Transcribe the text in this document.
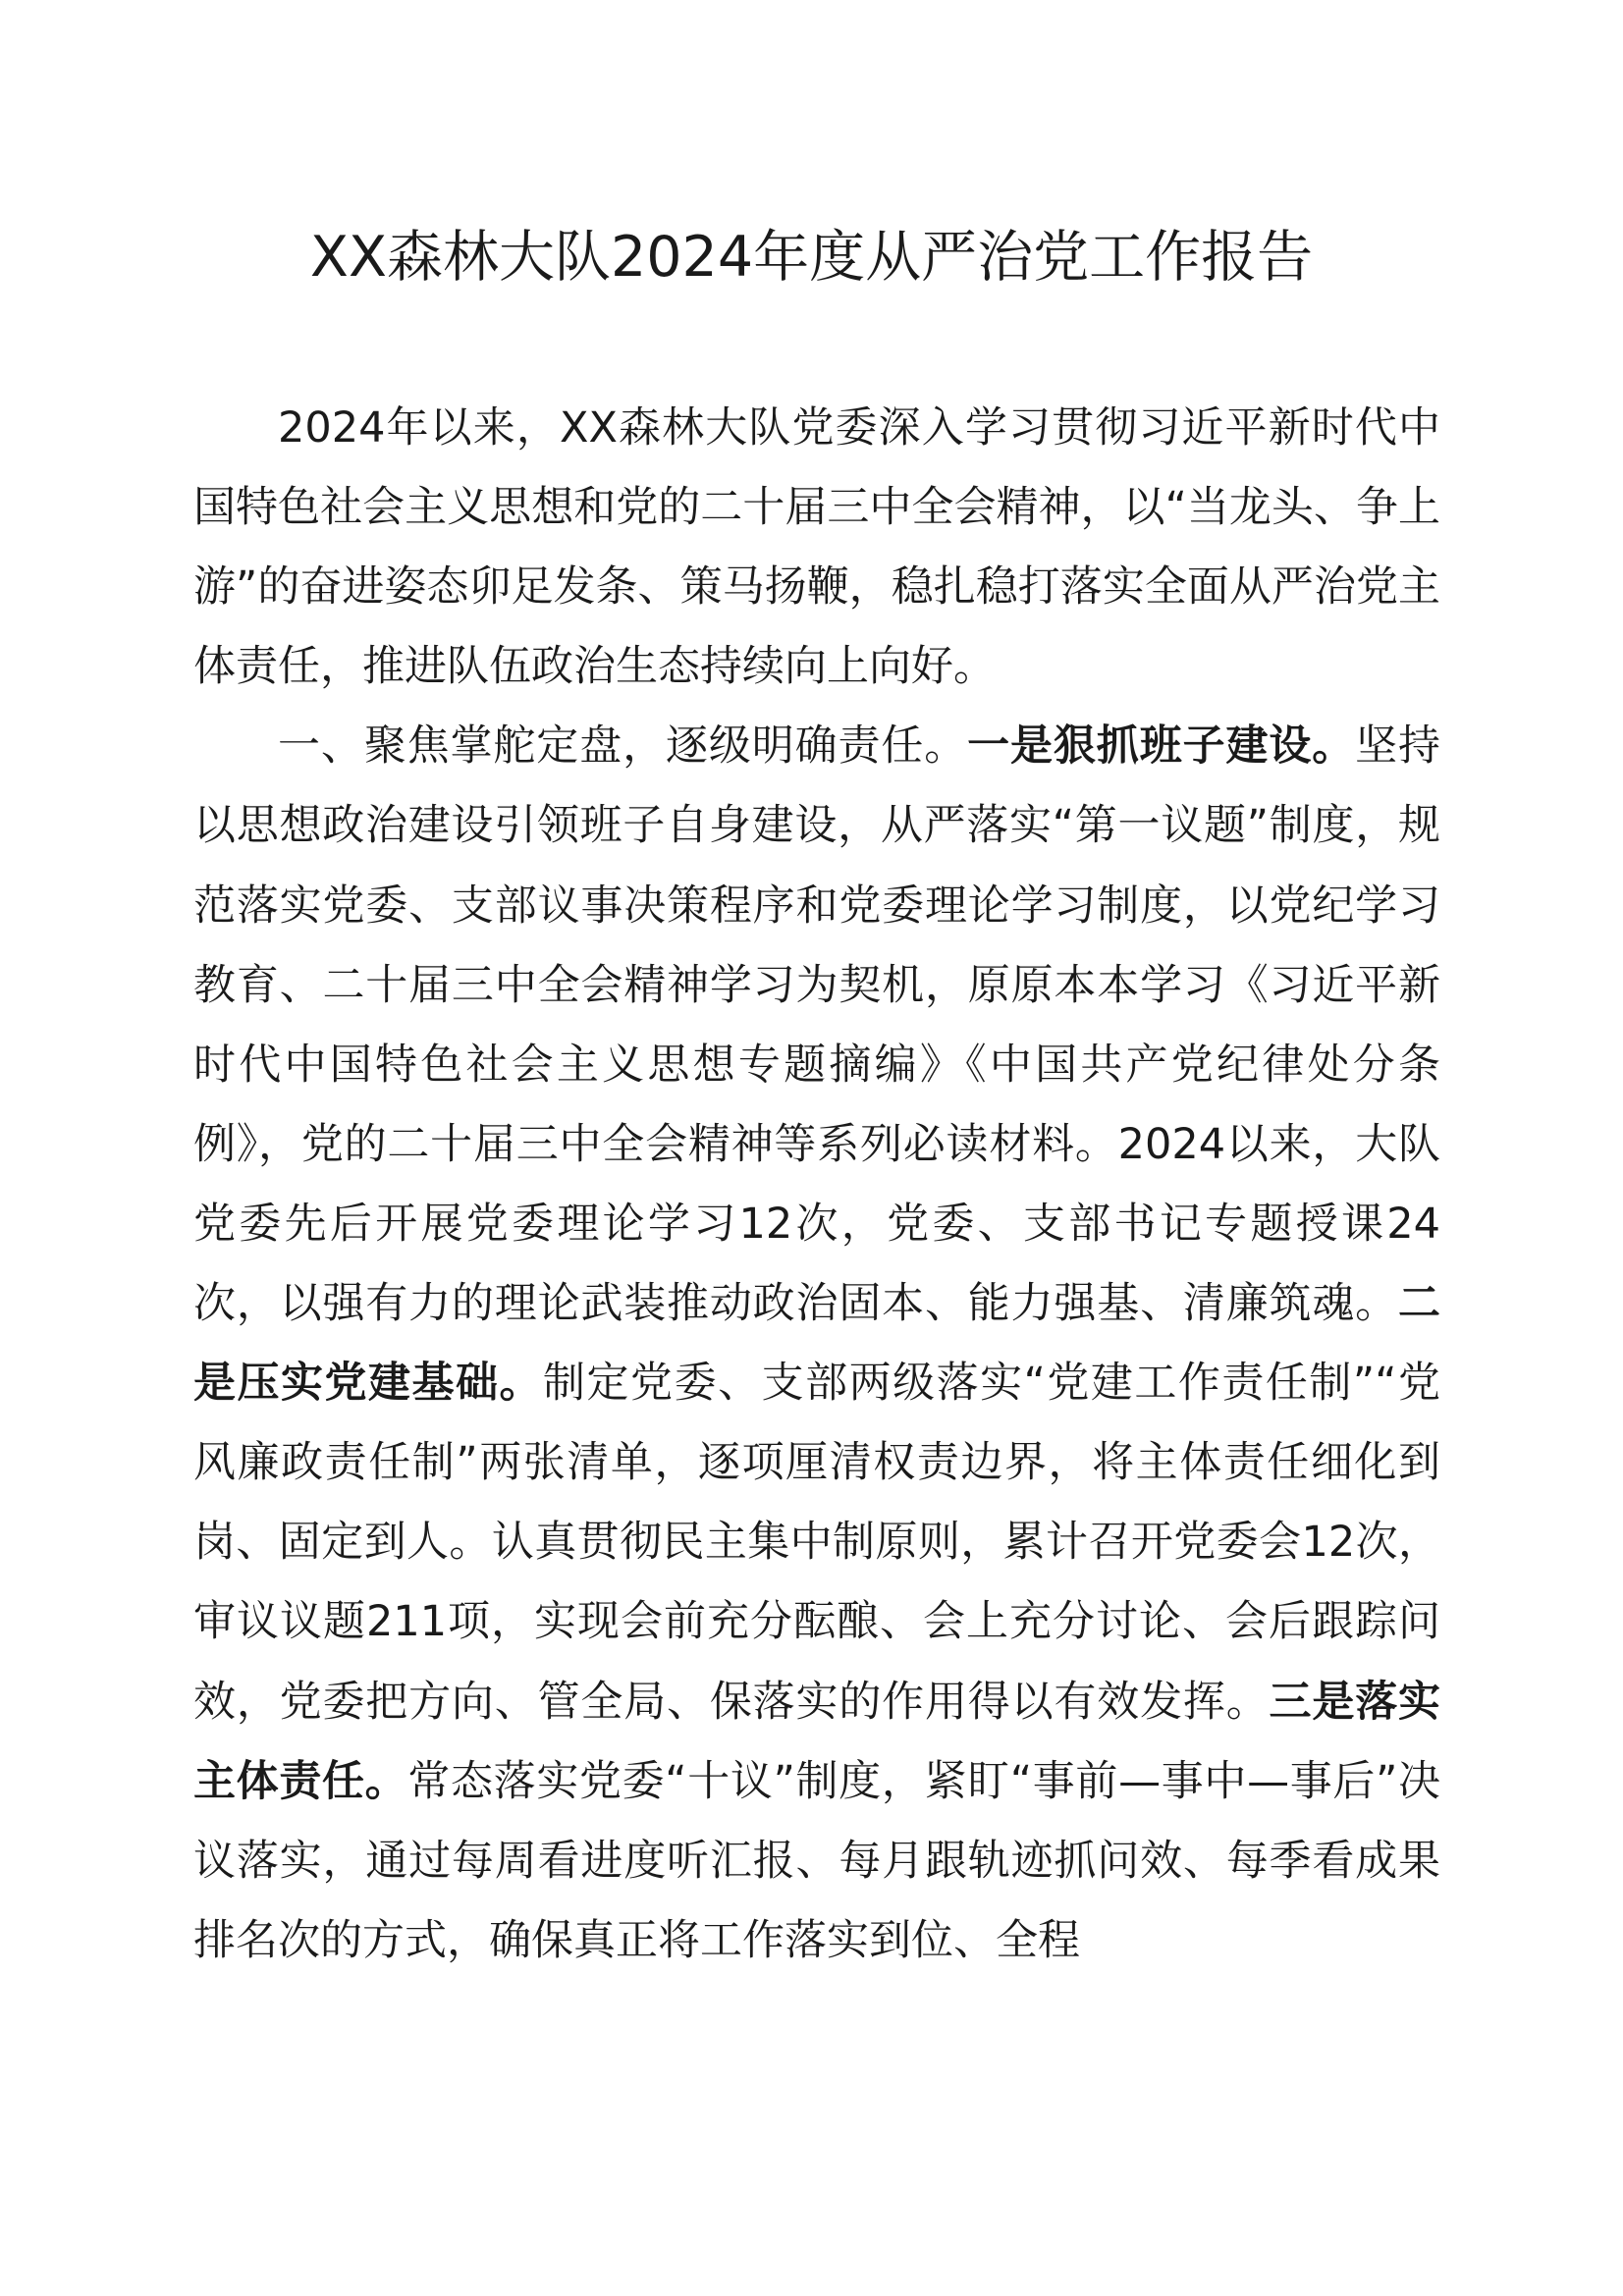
XX森林大队2024年度从严治党工作报告

2024年以来，XX森林大队党委深入学习贯彻习近平新时代中国特色社会主义思想和党的二十届三中全会精神，以“当龙头、争上游”的奋进姿态卯足发条、策马扬鞭，稳扎稳打落实全面从严治党主体责任，推进队伍政治生态持续向上向好。

一、聚焦掌舵定盘，逐级明确责任。一是狠抓班子建设。坚持以思想政治建设引领班子自身建设，从严落实“第一议题”制度，规范落实党委、支部议事决策程序和党委理论学习制度，以党纪学习教育、二十届三中全会精神学习为契机，原原本本学习《习近平新时代中国特色社会主义思想专题摘编》《中国共产党纪律处分条例》，党的二十届三中全会精神等系列必读材料。2024以来，大队党委先后开展党委理论学习12次，党委、支部书记专题授课24次，以强有力的理论武装推动政治固本、能力强基、清廉筑魂。二是压实党建基础。制定党委、支部两级落实“党建工作责任制”“党风廉政责任制”两张清单，逐项厘清权责边界，将主体责任细化到岗、固定到人。认真贯彻民主集中制原则，累计召开党委会12次，审议议题211项，实现会前充分酝酿、会上充分讨论、会后跟踪问效，党委把方向、管全局、保落实的作用得以有效发挥。三是落实主体责任。常态落实党委“十议”制度，紧盯“事前—事中—事后”决议落实，通过每周看进度听汇报、每月跟轨迹抓问效、每季看成果排名次的方式，确保真正将工作落实到位、全程
